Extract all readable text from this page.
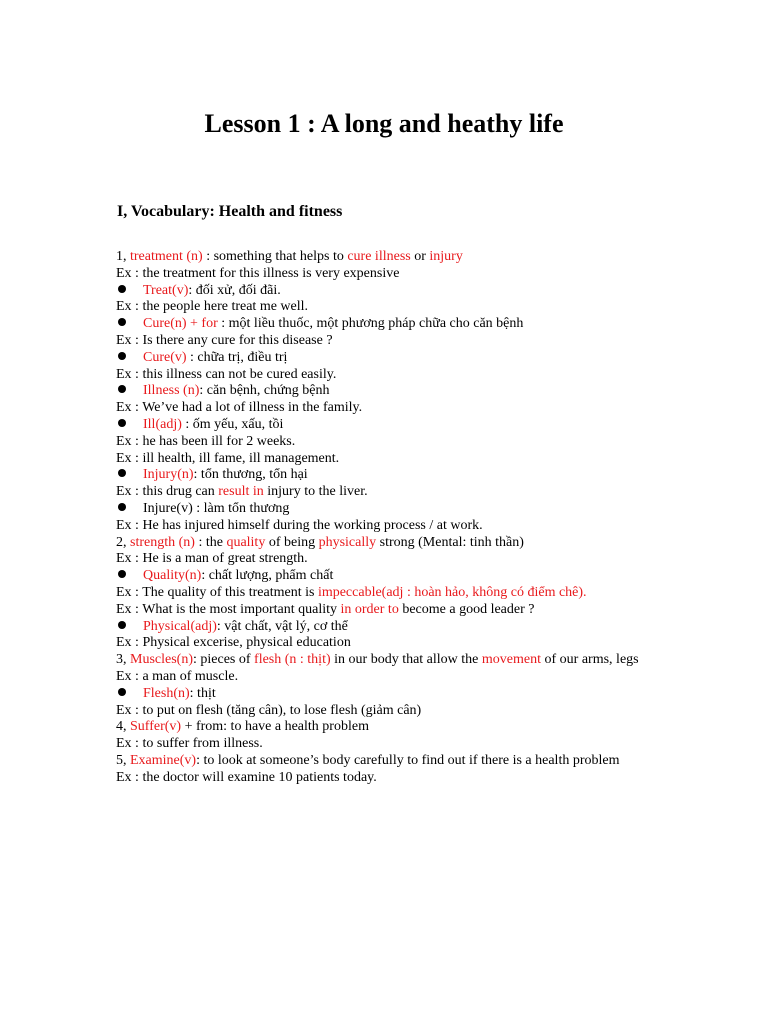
Lesson 1 : A long and heathy life
I, Vocabulary: Health and fitness
1, treatment (n) : something that helps to cure illness or injury
Ex : the treatment for this illness is very expensive
Treat(v): đối xử, đối đãi.
Ex : the people here treat me well.
Cure(n) + for : một liều thuốc, một phương pháp chữa cho căn bệnh
Ex : Is there any cure for this disease ?
Cure(v) : chữa trị, điều trị
Ex : this illness can not be cured easily.
Illness (n): căn bệnh, chứng bệnh
Ex : We’ve had a lot of illness in the family.
Ill(adj) : ốm yếu, xấu, tồi
Ex : he has been ill for 2 weeks.
Ex : ill health, ill fame, ill management.
Injury(n): tổn thương, tổn hại
Ex : this drug can result in injury to the liver.
Injure(v) : làm tổn thương
Ex : He has injured himself during the working process / at work.
2, strength (n) : the quality of being physically strong (Mental: tinh thần)
Ex : He is a man of great strength.
Quality(n): chất lượng, phẩm chất
Ex : The quality of this treatment is impeccable(adj : hoàn hảo, không có điểm chê).
Ex : What is the most important quality in order to become a good leader ?
Physical(adj): vật chất, vật lý, cơ thể
Ex : Physical excerise, physical education
3, Muscles(n): pieces of flesh (n : thịt) in our body that allow the movement of our arms, legs
Ex : a man of muscle.
Flesh(n): thịt
Ex : to put on flesh (tăng cân), to lose flesh (giảm cân)
4, Suffer(v) + from: to have a health problem
Ex : to suffer from illness.
5, Examine(v): to look at someone’s body carefully to find out if there is a health problem
Ex : the doctor will examine 10 patients today.
